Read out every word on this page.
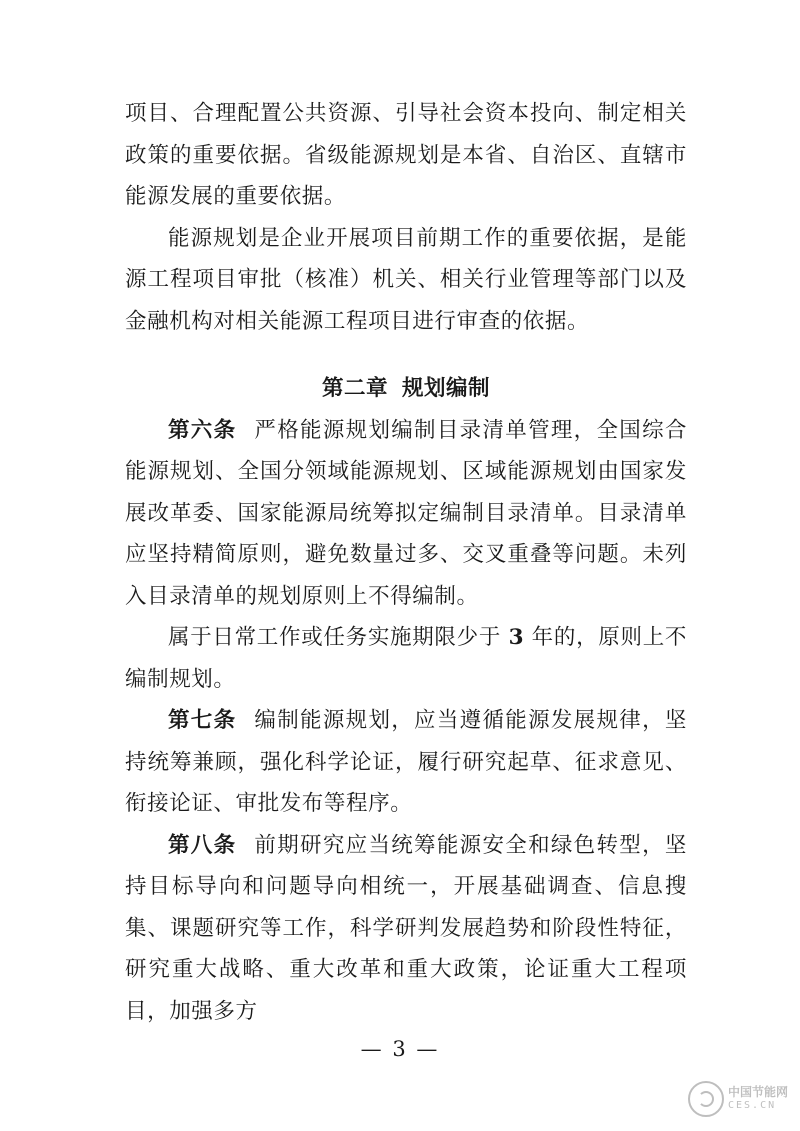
项目、合理配置公共资源、引导社会资本投向、制定相关政策的重要依据。省级能源规划是本省、自治区、直辖市能源发展的重要依据。

能源规划是企业开展项目前期工作的重要依据，是能源工程项目审批（核准）机关、相关行业管理等部门以及金融机构对相关能源工程项目进行审查的依据。

第二章 规划编制

第六条 严格能源规划编制目录清单管理，全国综合能源规划、全国分领域能源规划、区域能源规划由国家发展改革委、国家能源局统筹拟定编制目录清单。目录清单应坚持精简原则，避免数量过多、交叉重叠等问题。未列入目录清单的规划原则上不得编制。

属于日常工作或任务实施期限少于 3 年的，原则上不编制规划。

第七条 编制能源规划，应当遵循能源发展规律，坚持统筹兼顾，强化科学论证，履行研究起草、征求意见、衔接论证、审批发布等程序。

第八条 前期研究应当统筹能源安全和绿色转型，坚持目标导向和问题导向相统一，开展基础调查、信息搜集、课题研究等工作，科学研判发展趋势和阶段性特征，研究重大战略、重大改革和重大政策，论证重大工程项目，加强多方

— 3 —
中国节能网
CES.CN
